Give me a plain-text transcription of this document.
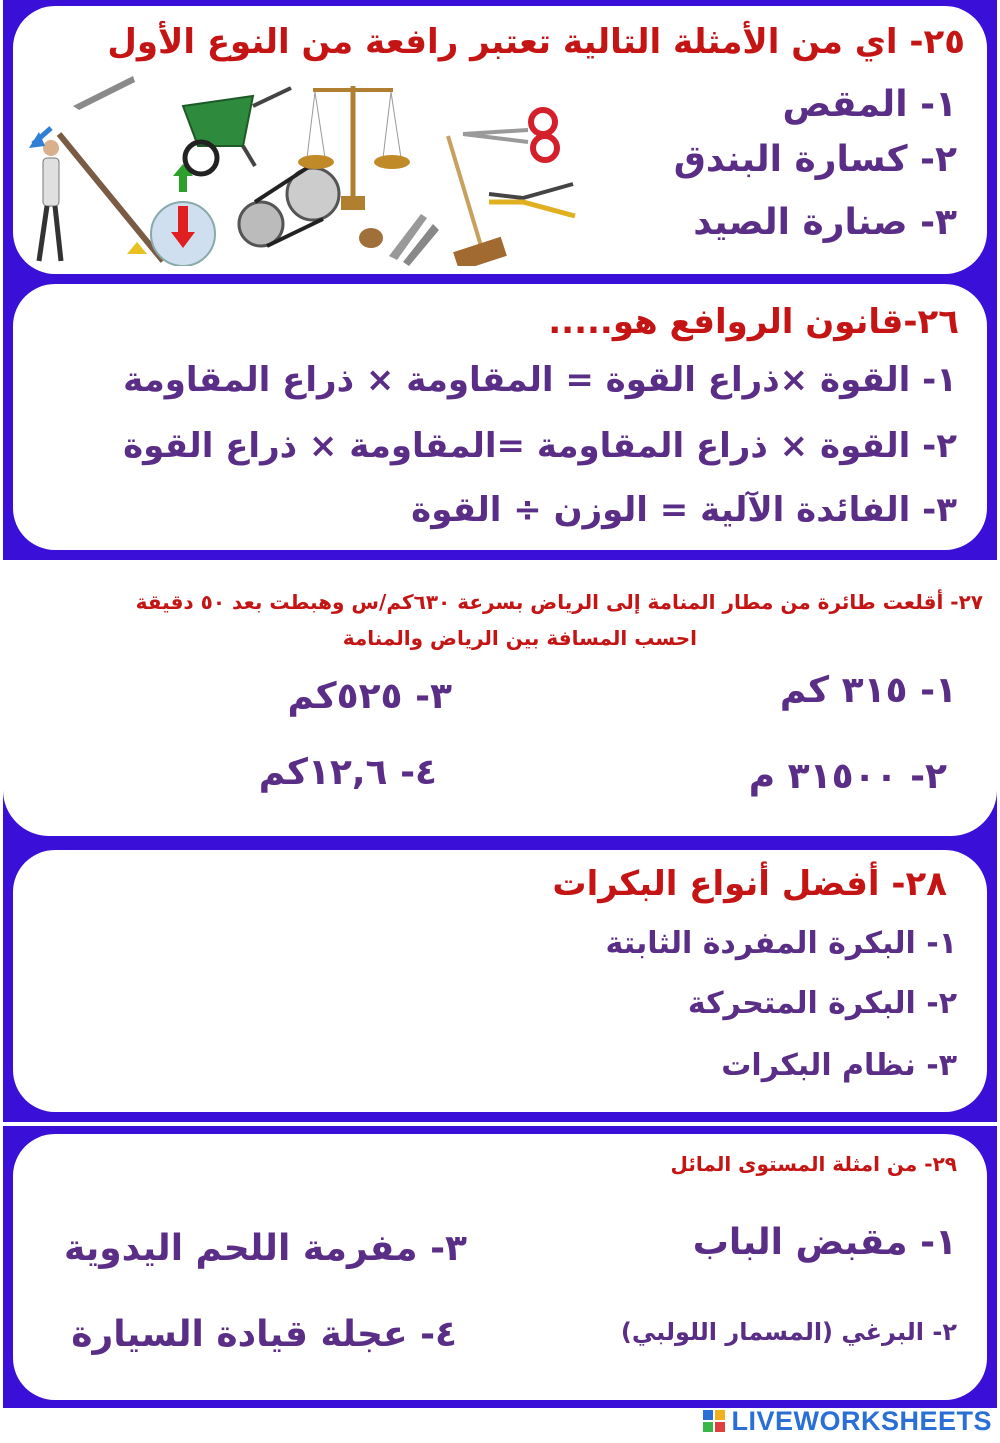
٢٥- اي من الأمثلة التالية تعتبر رافعة من النوع الأول
١- المقص
٢- كسارة البندق
٣- صنارة الصيد
٢٦-قانون الروافع هو.....
١- القوة ×ذراع القوة = المقاومة × ذراع المقاومة
٢- القوة × ذراع المقاومة =المقاومة × ذراع القوة
٣- الفائدة الآلية = الوزن ÷ القوة
٢٧- أقلعت طائرة من مطار المنامة إلى الرياض بسرعة ٦٣٠كم/س وهبطت بعد ٥٠ دقيقة
احسب المسافة بين الرياض والمنامة
١- ٣١٥ كم
٢- ٣١٥٠٠ م
٣- ٥٢٥كم
٤- ١٢,٦كم
٢٨- أفضل أنواع البكرات
١- البكرة المفردة الثابتة
٢- البكرة المتحركة
٣- نظام البكرات
٢٩- من امثلة المستوى المائل
١- مقبض الباب
٢- البرغي (المسمار اللولبي)
٣- مفرمة اللحم اليدوية
٤- عجلة قيادة السيارة
LIVEWORKSHEETS
